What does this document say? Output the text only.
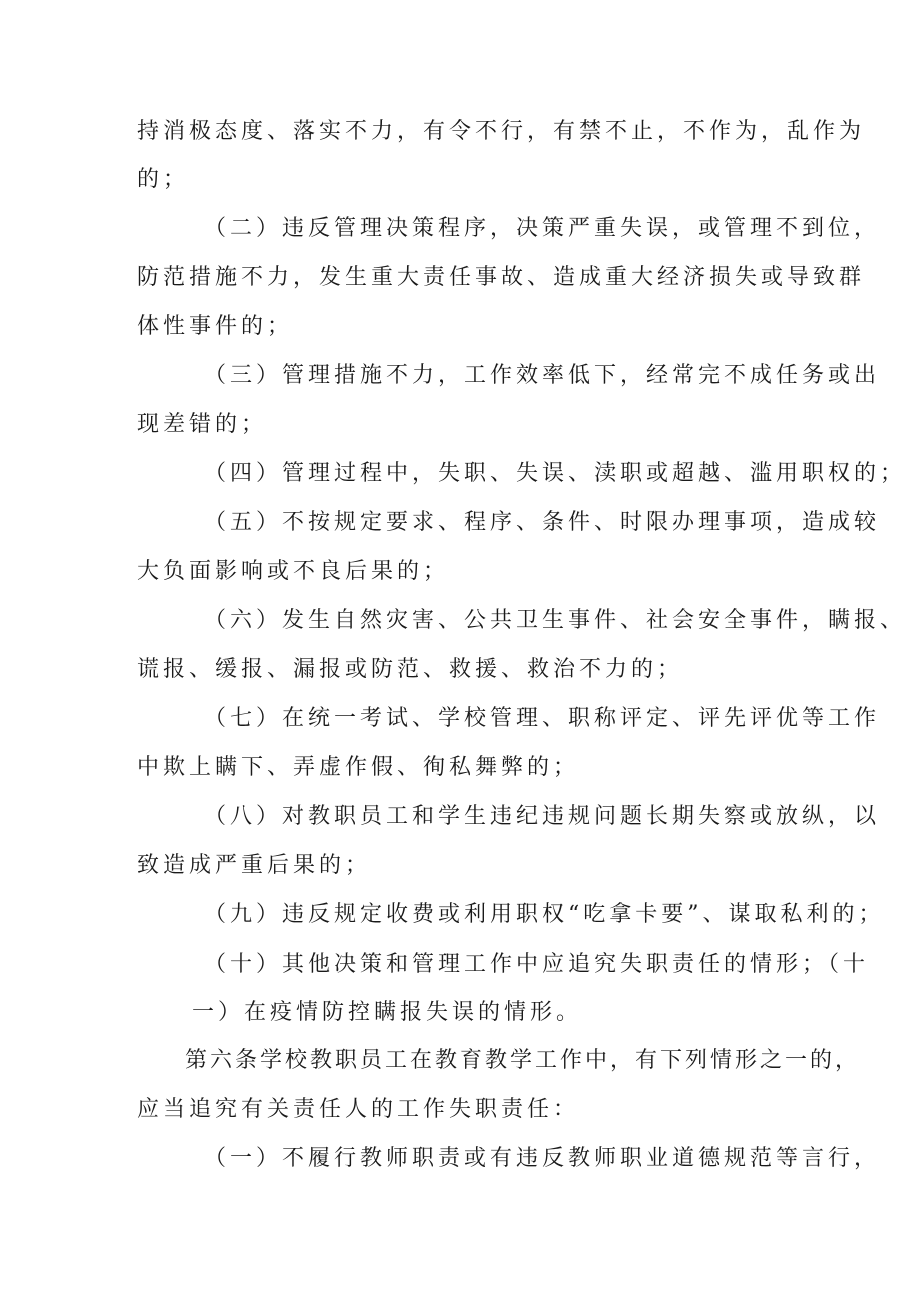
持消极态度、落实不力，有令不行，有禁不止，不作为，乱作为
的；
（二）违反管理决策程序，决策严重失误，或管理不到位，
防范措施不力，发生重大责任事故、造成重大经济损失或导致群
体性事件的；
（三）管理措施不力，工作效率低下，经常完不成任务或出
现差错的；
（四）管理过程中，失职、失误、渎职或超越、滥用职权的；
（五）不按规定要求、程序、条件、时限办理事项，造成较
大负面影响或不良后果的；
（六）发生自然灾害、公共卫生事件、社会安全事件，瞒报、
谎报、缓报、漏报或防范、救援、救治不力的；
（七）在统一考试、学校管理、职称评定、评先评优等工作
中欺上瞒下、弄虚作假、徇私舞弊的；
（八）对教职员工和学生违纪违规问题长期失察或放纵，以
致造成严重后果的；
（九）违反规定收费或利用职权“吃拿卡要”、谋取私利的；
（十）其他决策和管理工作中应追究失职责任的情形；（十
一）在疫情防控瞒报失误的情形。
第六条学校教职员工在教育教学工作中，有下列情形之一的，
应当追究有关责任人的工作失职责任：
（一）不履行教师职责或有违反教师职业道德规范等言行，
